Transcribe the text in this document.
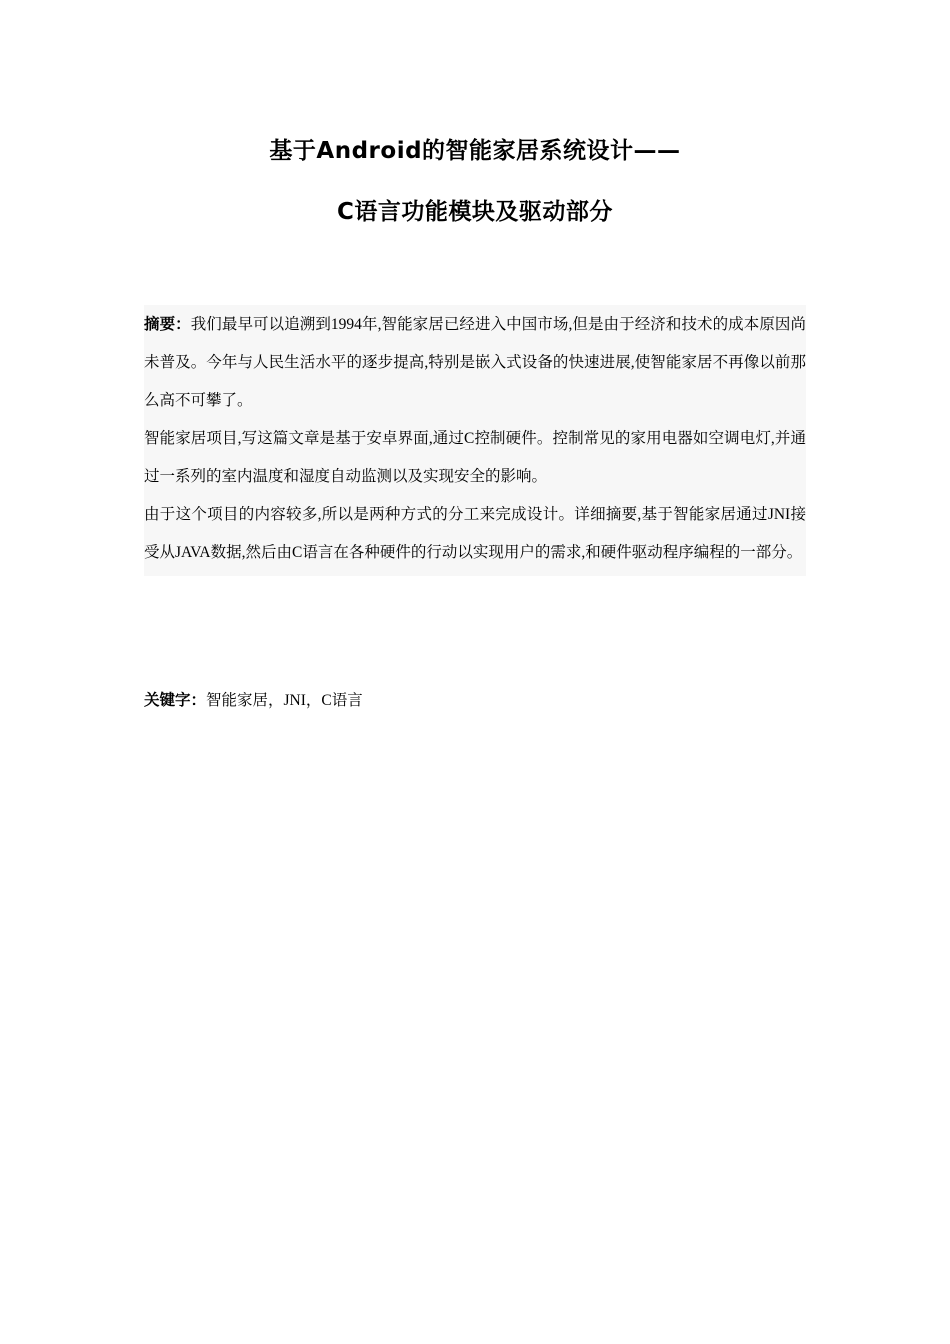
基于Android的智能家居系统设计——
C语言功能模块及驱动部分

摘要：我们最早可以追溯到1994年,智能家居已经进入中国市场,但是由于经济和技术的成本原因尚未普及。今年与人民生活水平的逐步提高,特别是嵌入式设备的快速进展,使智能家居不再像以前那么高不可攀了。

智能家居项目,写这篇文章是基于安卓界面,通过C控制硬件。控制常见的家用电器如空调电灯,并通过一系列的室内温度和湿度自动监测以及实现安全的影响。

由于这个项目的内容较多,所以是两种方式的分工来完成设计。详细摘要,基于智能家居通过JNI接受从JAVA数据,然后由C语言在各种硬件的行动以实现用户的需求,和硬件驱动程序编程的一部分。

关键字：智能家居，JNI，C语言
